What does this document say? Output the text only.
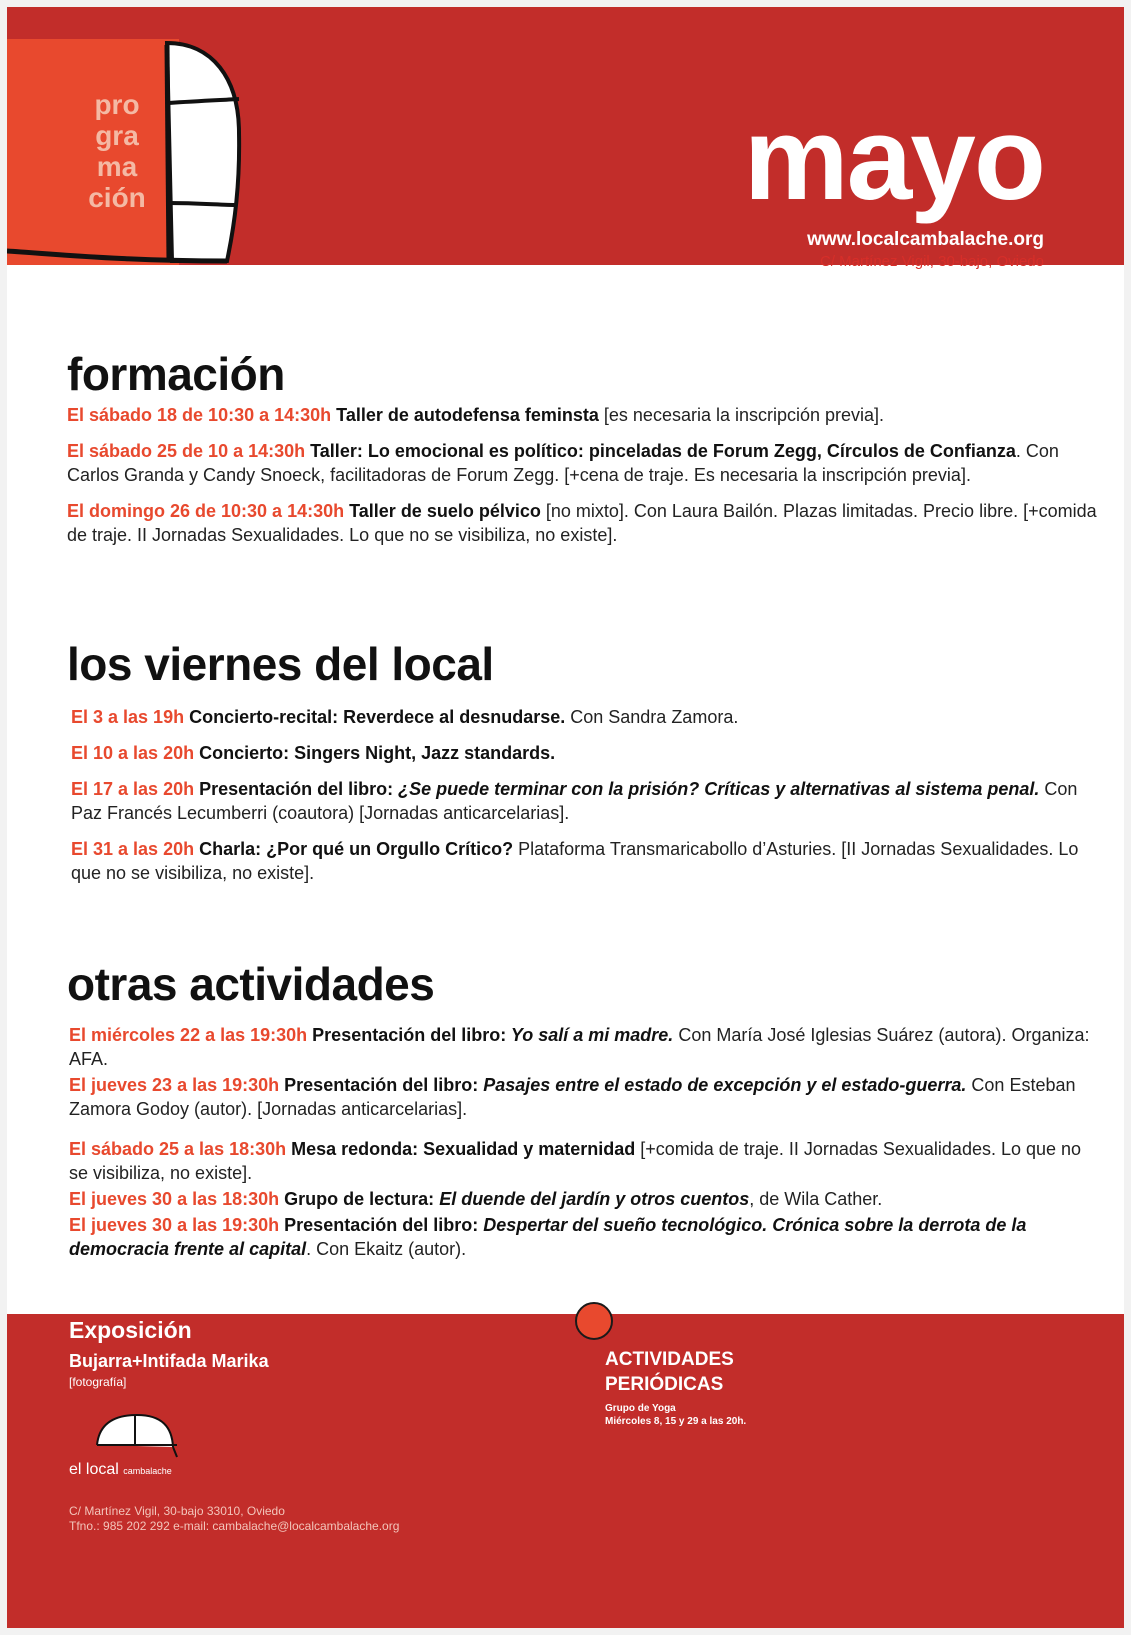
pro
gra
ma
ción	mayo
www.localcambalache.org
C/ Martínez Vigil, 30-bajo, Oviedo
formación
El sábado 18 de 10:30 a 14:30h Taller de autodefensa feminsta [es necesaria la inscripción previa].
El sábado 25 de 10 a 14:30h Taller: Lo emocional es político: pinceladas de Forum Zegg, Círculos de Confianza. Con Carlos Granda y Candy Snoeck, facilitadoras de Forum Zegg. [+cena de traje. Es necesaria la inscripción previa].
El domingo 26 de 10:30 a 14:30h Taller de suelo pélvico [no mixto]. Con Laura Bailón. Plazas limitadas. Precio libre. [+comida de traje. II Jornadas Sexualidades. Lo que no se visibiliza, no existe].
los viernes del local
El 3 a las 19h Concierto-recital: Reverdece al desnudarse. Con Sandra Zamora.
El 10 a las 20h Concierto: Singers Night, Jazz standards.
El 17 a las 20h Presentación del libro: ¿Se puede terminar con la prisión? Críticas y alternativas al sistema penal. Con Paz Francés Lecumberri (coautora) [Jornadas anticarcelarias].
El 31 a las 20h Charla: ¿Por qué un Orgullo Crítico? Plataforma Transmaricabollo d’Asturies. [II Jornadas Sexualidades. Lo que no se visibiliza, no existe].
otras actividades
El miércoles 22 a las 19:30h Presentación del libro: Yo salí a mi madre. Con María José Iglesias Suárez (autora). Organiza: AFA.
El jueves 23 a las 19:30h Presentación del libro: Pasajes entre el estado de excepción y el estado-guerra. Con Esteban Zamora Godoy (autor). [Jornadas anticarcelarias].
El sábado 25 a las 18:30h Mesa redonda: Sexualidad y maternidad [+comida de traje. II Jornadas Sexualidades. Lo que no se visibiliza, no existe].
El jueves 30 a las 18:30h Grupo de lectura: El duende del jardín y otros cuentos, de Wila Cather.
El jueves 30 a las 19:30h Presentación del libro: Despertar del sueño tecnológico. Crónica sobre la derrota de la democracia frente al capital. Con Ekaitz (autor).
Exposición
Bujarra+Intifada Marika
[fotografía]
el local cambalache
C/ Martínez Vigil, 30-bajo 33010, Oviedo
Tfno.: 985 202 292 e-mail: cambalache@localcambalache.org
ACTIVIDADES
PERIÓDICAS
Grupo de Yoga
Miércoles 8, 15 y 29 a las 20h.
